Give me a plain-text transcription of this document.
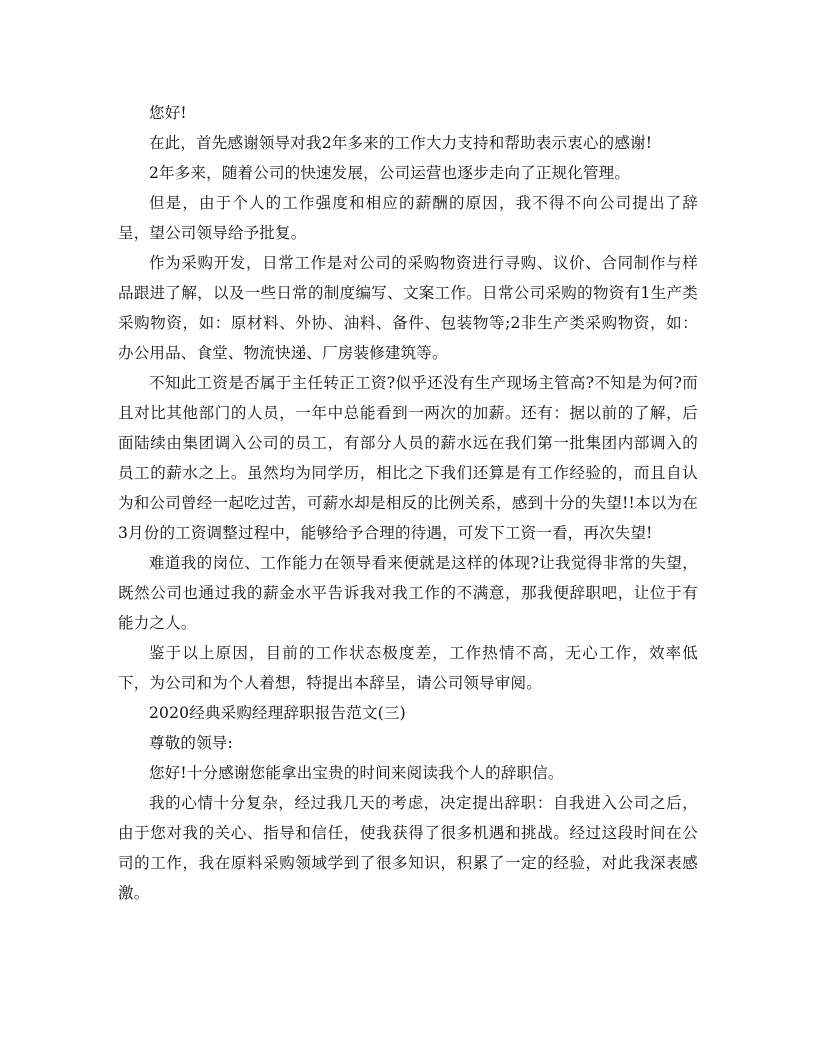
您好!

在此，首先感谢领导对我2年多来的工作大力支持和帮助表示衷心的感谢!

2年多来，随着公司的快速发展，公司运营也逐步走向了正规化管理。

但是，由于个人的工作强度和相应的薪酬的原因，我不得不向公司提出了辞呈，望公司领导给予批复。

作为采购开发，日常工作是对公司的采购物资进行寻购、议价、合同制作与样品跟进了解，以及一些日常的制度编写、文案工作。日常公司采购的物资有1生产类采购物资，如：原材料、外协、油料、备件、包装物等;2非生产类采购物资，如：办公用品、食堂、物流快递、厂房装修建筑等。

不知此工资是否属于主任转正工资?似乎还没有生产现场主管高?不知是为何?而且对比其他部门的人员，一年中总能看到一两次的加薪。还有：据以前的了解，后面陆续由集团调入公司的员工，有部分人员的薪水远在我们第一批集团内部调入的员工的薪水之上。虽然均为同学历，相比之下我们还算是有工作经验的，而且自认为和公司曾经一起吃过苦，可薪水却是相反的比例关系，感到十分的失望!!本以为在3月份的工资调整过程中，能够给予合理的待遇，可发下工资一看，再次失望!

难道我的岗位、工作能力在领导看来便就是这样的体现?让我觉得非常的失望，既然公司也通过我的薪金水平告诉我对我工作的不满意，那我便辞职吧，让位于有能力之人。

鉴于以上原因，目前的工作状态极度差，工作热情不高，无心工作，效率低下，为公司和为个人着想，特提出本辞呈，请公司领导审阅。

2020经典采购经理辞职报告范文(三)

尊敬的领导:

您好!十分感谢您能拿出宝贵的时间来阅读我个人的辞职信。

我的心情十分复杂，经过我几天的考虑，决定提出辞职：自我进入公司之后，由于您对我的关心、指导和信任，使我获得了很多机遇和挑战。经过这段时间在公司的工作，我在原料采购领域学到了很多知识，积累了一定的经验，对此我深表感激。
